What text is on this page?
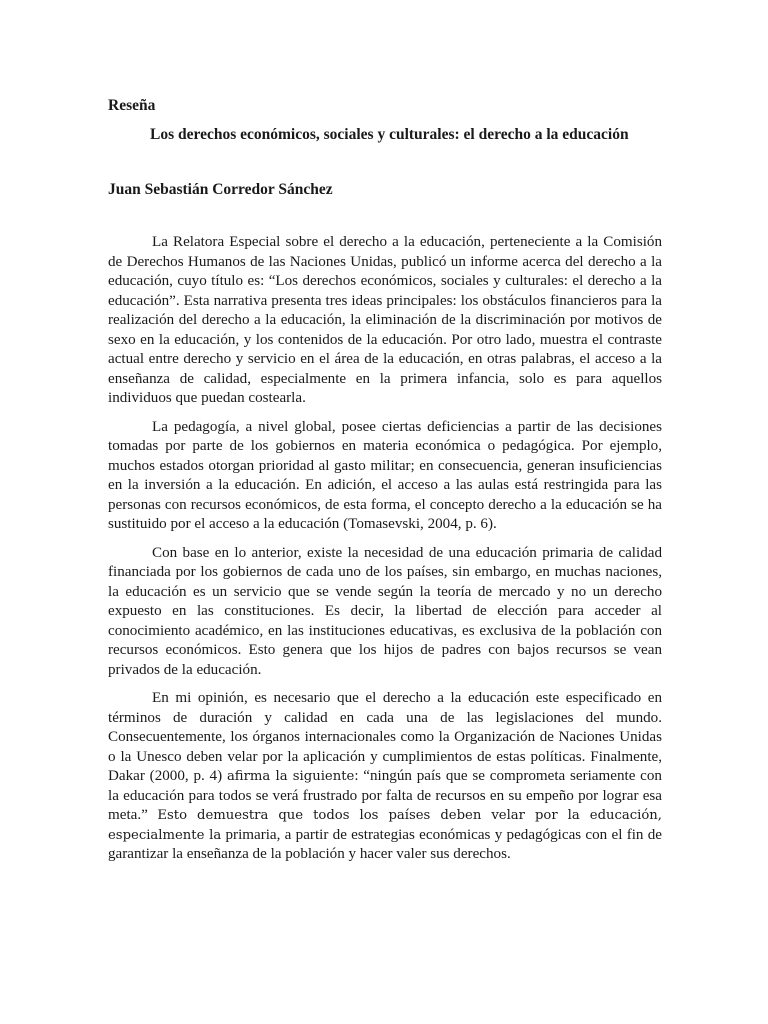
Reseña
Los derechos económicos, sociales y culturales: el derecho a la educación
Juan Sebastián Corredor Sánchez

La Relatora Especial sobre el derecho a la educación, perteneciente a la Comisión de Derechos Humanos de las Naciones Unidas, publicó un informe acerca del derecho a la educación, cuyo título es: “Los derechos económicos, sociales y culturales: el derecho a la educación”. Esta narrativa presenta tres ideas principales: los obstáculos financieros para la realización del derecho a la educación, la eliminación de la discriminación por motivos de sexo en la educación, y los contenidos de la educación. Por otro lado, muestra el contraste actual entre derecho y servicio en el área de la educación, en otras palabras, el acceso a la enseñanza de calidad, especialmente en la primera infancia, solo es para aquellos individuos que puedan costearla.

La pedagogía, a nivel global, posee ciertas deficiencias a partir de las decisiones tomadas por parte de los gobiernos en materia económica o pedagógica. Por ejemplo, muchos estados otorgan prioridad al gasto militar; en consecuencia, generan insuficiencias en la inversión a la educación. En adición, el acceso a las aulas está restringida para las personas con recursos económicos, de esta forma, el concepto derecho a la educación se ha sustituido por el acceso a la educación (Tomasevski, 2004, p. 6).

Con base en lo anterior, existe la necesidad de una educación primaria de calidad financiada por los gobiernos de cada uno de los países, sin embargo, en muchas naciones, la educación es un servicio que se vende según la teoría de mercado y no un derecho expuesto en las constituciones. Es decir, la libertad de elección para acceder al conocimiento académico, en las instituciones educativas, es exclusiva de la población con recursos económicos. Esto genera que los hijos de padres con bajos recursos se vean privados de la educación.

En mi opinión, es necesario que el derecho a la educación este especificado en términos de duración y calidad en cada una de las legislaciones del mundo. Consecuentemente, los órganos internacionales como la Organización de Naciones Unidas o la Unesco deben velar por la aplicación y cumplimientos de estas políticas. Finalmente, Dakar (2000, p. 4) afirma la siguiente: “ningún país que se comprometa seriamente con la educación para todos se verá frustrado por falta de recursos en su empeño por lograr esa meta.” Esto demuestra que todos los países deben velar por la educación, especialmente la primaria, a partir de estrategias económicas y pedagógicas con el fin de garantizar la enseñanza de la población y hacer valer sus derechos.
